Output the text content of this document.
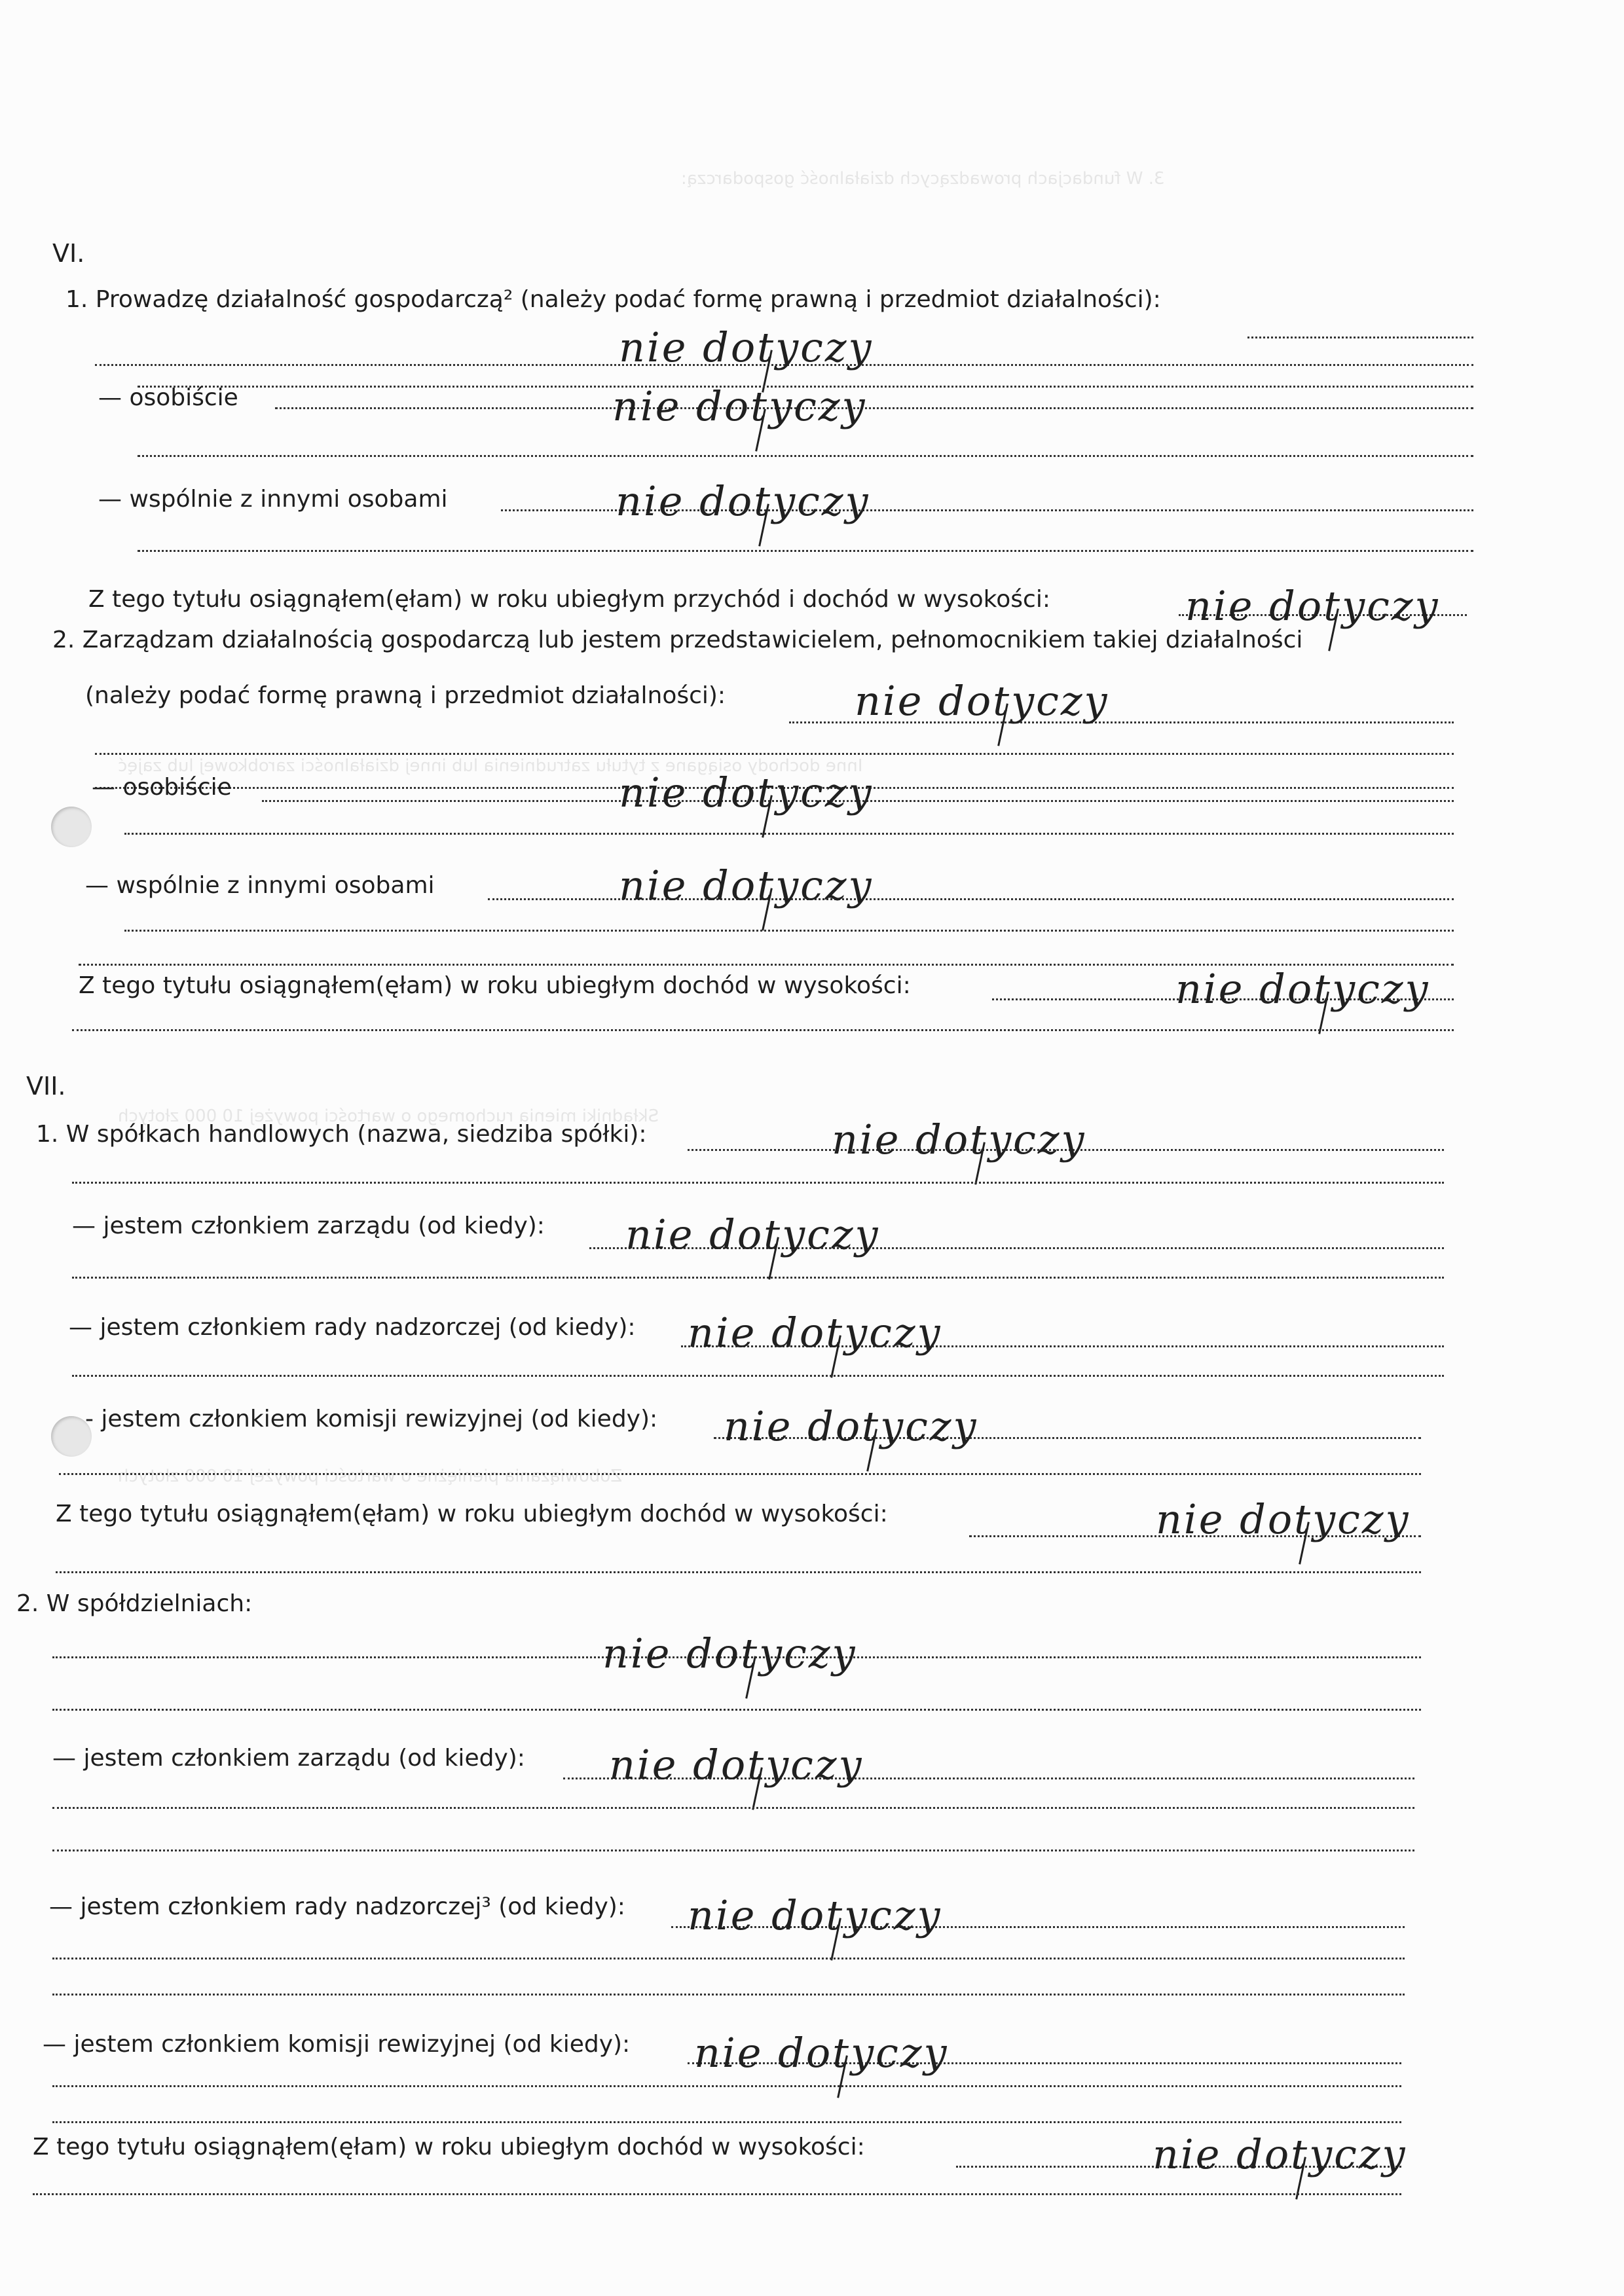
3. W fundacjach prowadzących działalność gospodarczą:
Inne dochody osiągane z tytułu zatrudnienia lub innej działalności zarobkowej lub zajęć
Składniki mienia ruchomego o wartości powyżej 10 000 złotych
Zobowiązania pieniężne o wartości powyżej 10 000 złotych
VI.
1. Prowadzę działalność gospodarczą² (należy podać formę prawną i przedmiot działalności):
nie dotyczy
— osobiście	nie dotyczy
— wspólnie z innymi osobami	nie dotyczy
Z tego tytułu osiągnąłem(ęłam) w roku ubiegłym przychód i dochód w wysokości:	nie dotyczy
2. Zarządzam działalnością gospodarczą lub jestem przedstawicielem, pełnomocnikiem takiej działalności
(należy podać formę prawną i przedmiot działalności):	nie dotyczy
— osobiście	nie dotyczy
— wspólnie z innymi osobami	nie dotyczy
Z tego tytułu osiągnąłem(ęłam) w roku ubiegłym dochód w wysokości:	nie dotyczy
VII.
1. W spółkach handlowych (nazwa, siedziba spółki):	nie dotyczy
— jestem członkiem zarządu (od kiedy): nie dotyczy
— jestem członkiem rady nadzorczej (od kiedy): nie dotyczy
- jestem członkiem komisji rewizyjnej (od kiedy): nie dotyczy
Z tego tytułu osiągnąłem(ęłam) w roku ubiegłym dochód w wysokości:	nie dotyczy
2. W spółdzielniach:
nie dotyczy
— jestem członkiem zarządu (od kiedy): nie dotyczy
— jestem członkiem rady nadzorczej³ (od kiedy): nie dotyczy
— jestem członkiem komisji rewizyjnej (od kiedy): nie dotyczy
Z tego tytułu osiągnąłem(ęłam) w roku ubiegłym dochód w wysokości:	nie dotyczy
